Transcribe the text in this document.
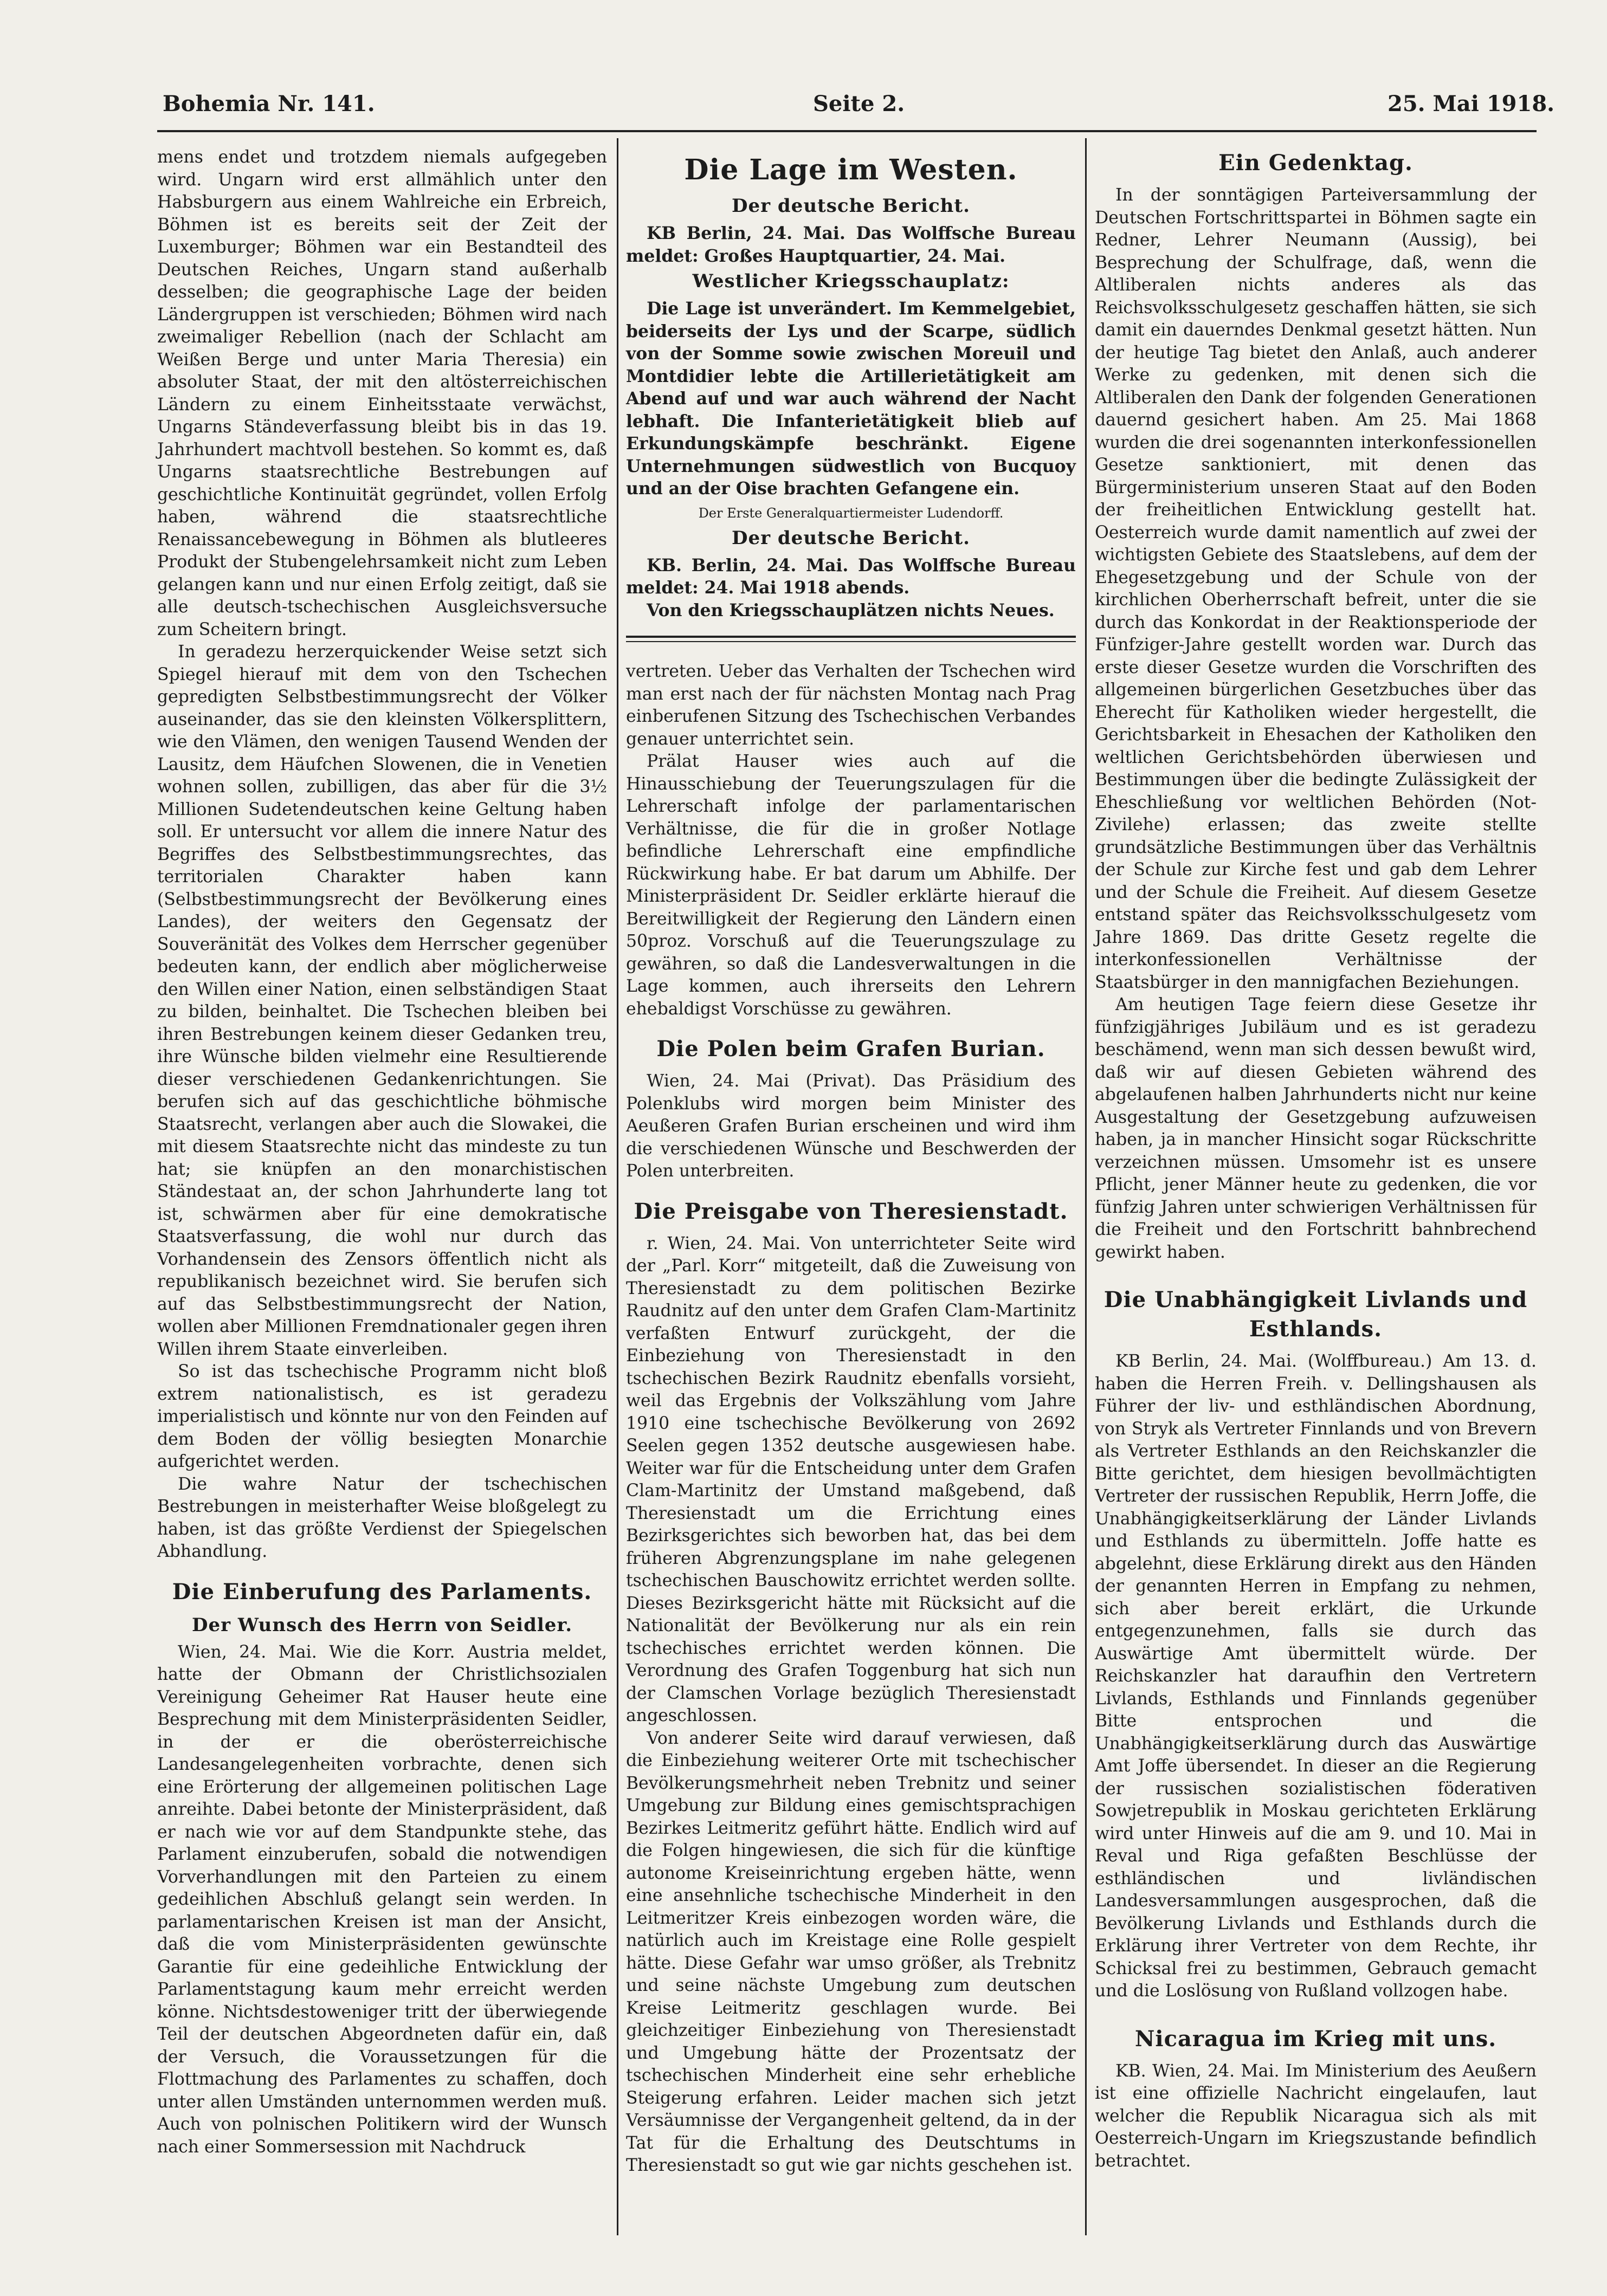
Bohemia Nr. 141.	Seite 2.	25. Mai 1918.

mens endet und trotzdem niemals aufgegeben wird. Ungarn wird erst allmählich unter den Habsburgern aus einem Wahlreiche ein Erbreich, Böhmen ist es bereits seit der Zeit der Luxemburger; Böhmen war ein Bestandteil des Deutschen Reiches, Ungarn stand außerhalb desselben; die geographische Lage der beiden Ländergruppen ist verschieden; Böhmen wird nach zweimaliger Rebellion (nach der Schlacht am Weißen Berge und unter Maria Theresia) ein absoluter Staat, der mit den altösterreichischen Ländern zu einem Einheitsstaate verwächst, Ungarns Ständeverfassung bleibt bis in das 19. Jahrhundert machtvoll bestehen. So kommt es, daß Ungarns staatsrechtliche Bestrebungen auf geschichtliche Kontinuität gegründet, vollen Erfolg haben, während die staatsrechtliche Renaissancebewegung in Böhmen als blutleeres Produkt der Stubengelehrsamkeit nicht zum Leben gelangen kann und nur einen Erfolg zeitigt, daß sie alle deutsch-tschechischen Ausgleichsversuche zum Scheitern bringt.

In geradezu herzerquickender Weise setzt sich Spiegel hierauf mit dem von den Tschechen gepredigten Selbstbestimmungsrecht der Völker auseinander, das sie den kleinsten Völkersplittern, wie den Vlämen, den wenigen Tausend Wenden der Lausitz, dem Häufchen Slowenen, die in Venetien wohnen sollen, zubilligen, das aber für die 3½ Millionen Sudetendeutschen keine Geltung haben soll. Er untersucht vor allem die innere Natur des Begriffes des Selbstbestimmungsrechtes, das territorialen Charakter haben kann (Selbstbestimmungsrecht der Bevölkerung eines Landes), der weiters den Gegensatz der Souveränität des Volkes dem Herrscher gegenüber bedeuten kann, der endlich aber möglicherweise den Willen einer Nation, einen selbständigen Staat zu bilden, beinhaltet. Die Tschechen bleiben bei ihren Bestrebungen keinem dieser Gedanken treu, ihre Wünsche bilden vielmehr eine Resultierende dieser verschiedenen Gedankenrichtungen. Sie berufen sich auf das geschichtliche böhmische Staatsrecht, verlangen aber auch die Slowakei, die mit diesem Staatsrechte nicht das mindeste zu tun hat; sie knüpfen an den monarchistischen Ständestaat an, der schon Jahrhunderte lang tot ist, schwärmen aber für eine demokratische Staatsverfassung, die wohl nur durch das Vorhandensein des Zensors öffentlich nicht als republikanisch bezeichnet wird. Sie berufen sich auf das Selbstbestimmungsrecht der Nation, wollen aber Millionen Fremdnationaler gegen ihren Willen ihrem Staate einverleiben.

So ist das tschechische Programm nicht bloß extrem nationalistisch, es ist geradezu imperialistisch und könnte nur von den Feinden auf dem Boden der völlig besiegten Monarchie aufgerichtet werden.

Die wahre Natur der tschechischen Bestrebungen in meisterhafter Weise bloßgelegt zu haben, ist das größte Verdienst der Spiegelschen Abhandlung.

Die Einberufung des Parlaments.
Der Wunsch des Herrn von Seidler.

Wien, 24. Mai. Wie die Korr. Austria meldet, hatte der Obmann der Christlichsozialen Vereinigung Geheimer Rat Hauser heute eine Besprechung mit dem Ministerpräsidenten Seidler, in der er die oberösterreichische Landesangelegenheiten vorbrachte, denen sich eine Erörterung der allgemeinen politischen Lage anreihte. Dabei betonte der Ministerpräsident, daß er nach wie vor auf dem Standpunkte stehe, das Parlament einzuberufen, sobald die notwendigen Vorverhandlungen mit den Parteien zu einem gedeihlichen Abschluß gelangt sein werden. In parlamentarischen Kreisen ist man der Ansicht, daß die vom Ministerpräsidenten gewünschte Garantie für eine gedeihliche Entwicklung der Parlamentstagung kaum mehr erreicht werden könne. Nichtsdestoweniger tritt der überwiegende Teil der deutschen Abgeordneten dafür ein, daß der Versuch, die Voraussetzungen für die Flottmachung des Parlamentes zu schaffen, doch unter allen Umständen unternommen werden muß. Auch von polnischen Politikern wird der Wunsch nach einer Sommersession mit Nachdruck

Die Lage im Westen.
Der deutsche Bericht.

KB Berlin, 24. Mai. Das Wolffsche Bureau meldet: Großes Hauptquartier, 24. Mai.

Westlicher Kriegsschauplatz:

Die Lage ist unverändert. Im Kemmelgebiet, beiderseits der Lys und der Scarpe, südlich von der Somme sowie zwischen Moreuil und Montdidier lebte die Artillerietätigkeit am Abend auf und war auch während der Nacht lebhaft. Die Infanterietätigkeit blieb auf Erkundungskämpfe beschränkt. Eigene Unternehmungen südwestlich von Bucquoy und an der Oise brachten Gefangene ein.

Der Erste Generalquartiermeister Ludendorff.
Der deutsche Bericht.

KB. Berlin, 24. Mai. Das Wolffsche Bureau meldet: 24. Mai 1918 abends.

Von den Kriegsschauplätzen nichts Neues.

vertreten. Ueber das Verhalten der Tschechen wird man erst nach der für nächsten Montag nach Prag einberufenen Sitzung des Tschechischen Verbandes genauer unterrichtet sein.

Prälat Hauser wies auch auf die Hinausschiebung der Teuerungszulagen für die Lehrerschaft infolge der parlamentarischen Verhältnisse, die für die in großer Notlage befindliche Lehrerschaft eine empfindliche Rückwirkung habe. Er bat darum um Abhilfe. Der Ministerpräsident Dr. Seidler erklärte hierauf die Bereitwilligkeit der Regierung den Ländern einen 50proz. Vorschuß auf die Teuerungszulage zu gewähren, so daß die Landesverwaltungen in die Lage kommen, auch ihrerseits den Lehrern ehebaldigst Vorschüsse zu gewähren.

Die Polen beim Grafen Burian.

Wien, 24. Mai (Privat). Das Präsidium des Polenklubs wird morgen beim Minister des Aeußeren Grafen Burian erscheinen und wird ihm die verschiedenen Wünsche und Beschwerden der Polen unterbreiten.

Die Preisgabe von Theresienstadt.

r. Wien, 24. Mai. Von unterrichteter Seite wird der „Parl. Korr“ mitgeteilt, daß die Zuweisung von Theresienstadt zu dem politischen Bezirke Raudnitz auf den unter dem Grafen Clam-Martinitz verfaßten Entwurf zurückgeht, der die Einbeziehung von Theresienstadt in den tschechischen Bezirk Raudnitz ebenfalls vorsieht, weil das Ergebnis der Volkszählung vom Jahre 1910 eine tschechische Bevölkerung von 2692 Seelen gegen 1352 deutsche ausgewiesen habe. Weiter war für die Entscheidung unter dem Grafen Clam-Martinitz der Umstand maßgebend, daß Theresienstadt um die Errichtung eines Bezirksgerichtes sich beworben hat, das bei dem früheren Abgrenzungsplane im nahe gelegenen tschechischen Bauschowitz errichtet werden sollte. Dieses Bezirksgericht hätte mit Rücksicht auf die Nationalität der Bevölkerung nur als ein rein tschechisches errichtet werden können. Die Verordnung des Grafen Toggenburg hat sich nun der Clamschen Vorlage bezüglich Theresienstadt angeschlossen.

Von anderer Seite wird darauf verwiesen, daß die Einbeziehung weiterer Orte mit tschechischer Bevölkerungsmehrheit neben Trebnitz und seiner Umgebung zur Bildung eines gemischtsprachigen Bezirkes Leitmeritz geführt hätte. Endlich wird auf die Folgen hingewiesen, die sich für die künftige autonome Kreiseinrichtung ergeben hätte, wenn eine ansehnliche tschechische Minderheit in den Leitmeritzer Kreis einbezogen worden wäre, die natürlich auch im Kreistage eine Rolle gespielt hätte. Diese Gefahr war umso größer, als Trebnitz und seine nächste Umgebung zum deutschen Kreise Leitmeritz geschlagen wurde. Bei gleichzeitiger Einbeziehung von Theresienstadt und Umgebung hätte der Prozentsatz der tschechischen Minderheit eine sehr erhebliche Steigerung erfahren. Leider machen sich jetzt Versäumnisse der Vergangenheit geltend, da in der Tat für die Erhaltung des Deutschtums in Theresienstadt so gut wie gar nichts geschehen ist.

Ein Gedenktag.

In der sonntägigen Parteiversammlung der Deutschen Fortschrittspartei in Böhmen sagte ein Redner, Lehrer Neumann (Aussig), bei Besprechung der Schulfrage, daß, wenn die Altliberalen nichts anderes als das Reichsvolksschulgesetz geschaffen hätten, sie sich damit ein dauerndes Denkmal gesetzt hätten. Nun der heutige Tag bietet den Anlaß, auch anderer Werke zu gedenken, mit denen sich die Altliberalen den Dank der folgenden Generationen dauernd gesichert haben. Am 25. Mai 1868 wurden die drei sogenannten interkonfessionellen Gesetze sanktioniert, mit denen das Bürgerministerium unseren Staat auf den Boden der freiheitlichen Entwicklung gestellt hat. Oesterreich wurde damit namentlich auf zwei der wichtigsten Gebiete des Staatslebens, auf dem der Ehegesetzgebung und der Schule von der kirchlichen Oberherrschaft befreit, unter die sie durch das Konkordat in der Reaktionsperiode der Fünfziger-Jahre gestellt worden war. Durch das erste dieser Gesetze wurden die Vorschriften des allgemeinen bürgerlichen Gesetzbuches über das Eherecht für Katholiken wieder hergestellt, die Gerichtsbarkeit in Ehesachen der Katholiken den weltlichen Gerichtsbehörden überwiesen und Bestimmungen über die bedingte Zulässigkeit der Eheschließung vor weltlichen Behörden (Not-Zivilehe) erlassen; das zweite stellte grundsätzliche Bestimmungen über das Verhältnis der Schule zur Kirche fest und gab dem Lehrer und der Schule die Freiheit. Auf diesem Gesetze entstand später das Reichsvolksschulgesetz vom Jahre 1869. Das dritte Gesetz regelte die interkonfessionellen Verhältnisse der Staatsbürger in den mannigfachen Beziehungen.

Am heutigen Tage feiern diese Gesetze ihr fünfzigjähriges Jubiläum und es ist geradezu beschämend, wenn man sich dessen bewußt wird, daß wir auf diesen Gebieten während des abgelaufenen halben Jahrhunderts nicht nur keine Ausgestaltung der Gesetzgebung aufzuweisen haben, ja in mancher Hinsicht sogar Rückschritte verzeichnen müssen. Umsomehr ist es unsere Pflicht, jener Männer heute zu gedenken, die vor fünfzig Jahren unter schwierigen Verhältnissen für die Freiheit und den Fortschritt bahnbrechend gewirkt haben.

Die Unabhängigkeit Livlands und Esthlands.

KB Berlin, 24. Mai. (Wolffbureau.) Am 13. d. haben die Herren Freih. v. Dellingshausen als Führer der liv- und esthländischen Abordnung, von Stryk als Vertreter Finnlands und von Brevern als Vertreter Esthlands an den Reichskanzler die Bitte gerichtet, dem hiesigen bevollmächtigten Vertreter der russischen Republik, Herrn Joffe, die Unabhängigkeitserklärung der Länder Livlands und Esthlands zu übermitteln. Joffe hatte es abgelehnt, diese Erklärung direkt aus den Händen der genannten Herren in Empfang zu nehmen, sich aber bereit erklärt, die Urkunde entgegenzunehmen, falls sie durch das Auswärtige Amt übermittelt würde. Der Reichskanzler hat daraufhin den Vertretern Livlands, Esthlands und Finnlands gegenüber Bitte entsprochen und die Unabhängigkeitserklärung durch das Auswärtige Amt Joffe übersendet. In dieser an die Regierung der russischen sozialistischen föderativen Sowjetrepublik in Moskau gerichteten Erklärung wird unter Hinweis auf die am 9. und 10. Mai in Reval und Riga gefaßten Beschlüsse der esthländischen und livländischen Landesversammlungen ausgesprochen, daß die Bevölkerung Livlands und Esthlands durch die Erklärung ihrer Vertreter von dem Rechte, ihr Schicksal frei zu bestimmen, Gebrauch gemacht und die Loslösung von Rußland vollzogen habe.

Nicaragua im Krieg mit uns.

KB. Wien, 24. Mai. Im Ministerium des Aeußern ist eine offizielle Nachricht eingelaufen, laut welcher die Republik Nicaragua sich als mit Oesterreich-Ungarn im Kriegszustande befindlich betrachtet.
